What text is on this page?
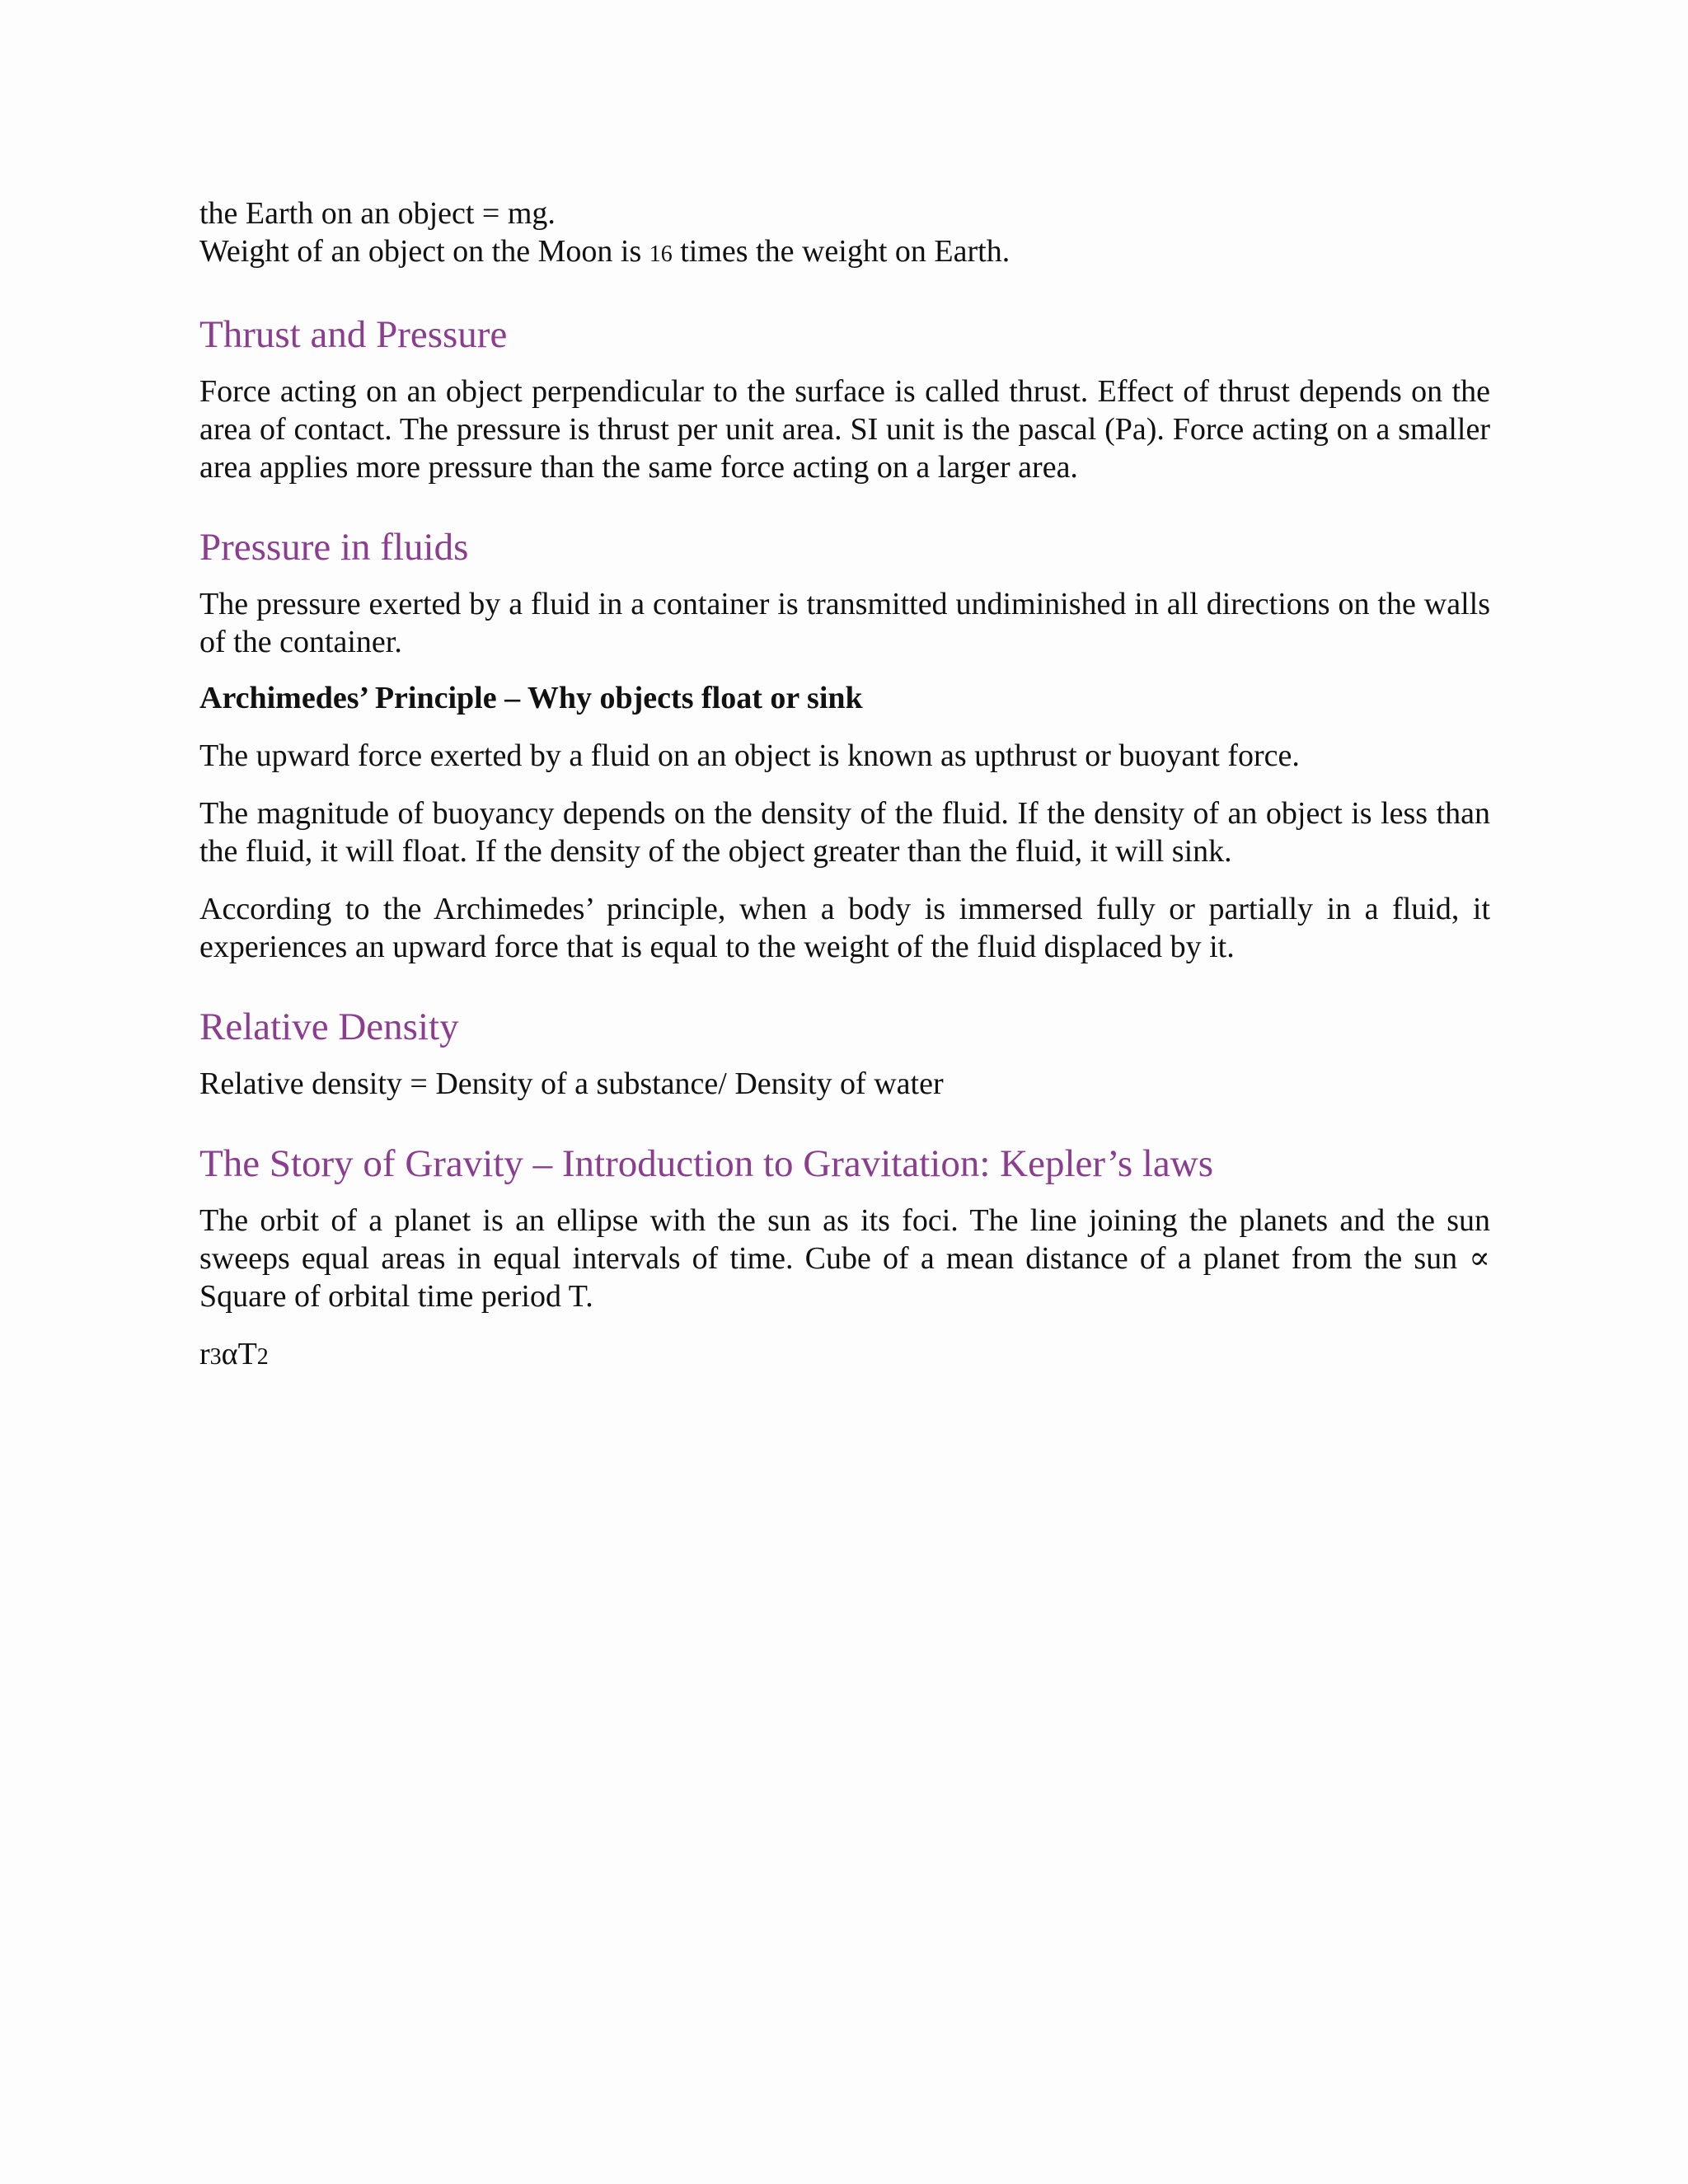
the Earth on an object = mg.

Weight of an object on the Moon is 16 times the weight on Earth.

Thrust and Pressure

Force acting on an object perpendicular to the surface is called thrust. Effect of thrust depends on the area of contact. The pressure is thrust per unit area. SI unit is the pascal (Pa). Force acting on a smaller area applies more pressure than the same force acting on a larger area.

Pressure in fluids

The pressure exerted by a fluid in a container is transmitted undiminished in all directions on the walls of the container.

Archimedes’ Principle – Why objects float or sink

The upward force exerted by a fluid on an object is known as upthrust or buoyant force.

The magnitude of buoyancy depends on the density of the fluid. If the density of an object is less than the fluid, it will float. If the density of the object greater than the fluid, it will sink.

According to the Archimedes’ principle, when a body is immersed fully or partially in a fluid, it experiences an upward force that is equal to the weight of the fluid displaced by it.

Relative Density

Relative density = Density of a substance/ Density of water

The Story of Gravity – Introduction to Gravitation: Kepler’s laws

The orbit of a planet is an ellipse with the sun as its foci. The line joining the planets and the sun sweeps equal areas in equal intervals of time. Cube of a mean distance of a planet from the sun ∝ Square of orbital time period T.

r3αT2
